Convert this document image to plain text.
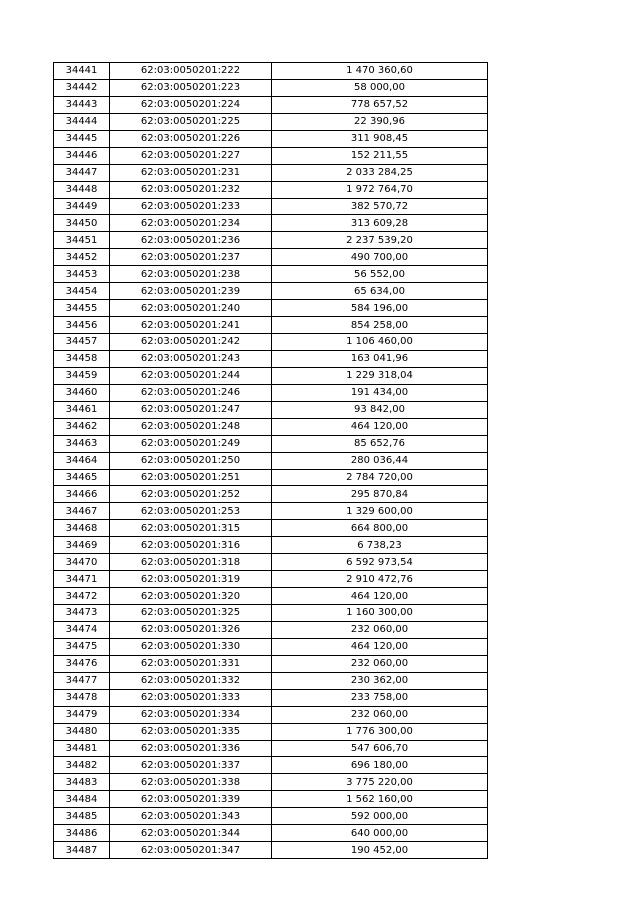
34441	62:03:0050201:222	1 470 360,60
34442	62:03:0050201:223	58 000,00
34443	62:03:0050201:224	778 657,52
34444	62:03:0050201:225	22 390,96
34445	62:03:0050201:226	311 908,45
34446	62:03:0050201:227	152 211,55
34447	62:03:0050201:231	2 033 284,25
34448	62:03:0050201:232	1 972 764,70
34449	62:03:0050201:233	382 570,72
34450	62:03:0050201:234	313 609,28
34451	62:03:0050201:236	2 237 539,20
34452	62:03:0050201:237	490 700,00
34453	62:03:0050201:238	56 552,00
34454	62:03:0050201:239	65 634,00
34455	62:03:0050201:240	584 196,00
34456	62:03:0050201:241	854 258,00
34457	62:03:0050201:242	1 106 460,00
34458	62:03:0050201:243	163 041,96
34459	62:03:0050201:244	1 229 318,04
34460	62:03:0050201:246	191 434,00
34461	62:03:0050201:247	93 842,00
34462	62:03:0050201:248	464 120,00
34463	62:03:0050201:249	85 652,76
34464	62:03:0050201:250	280 036,44
34465	62:03:0050201:251	2 784 720,00
34466	62:03:0050201:252	295 870,84
34467	62:03:0050201:253	1 329 600,00
34468	62:03:0050201:315	664 800,00
34469	62:03:0050201:316	6 738,23
34470	62:03:0050201:318	6 592 973,54
34471	62:03:0050201:319	2 910 472,76
34472	62:03:0050201:320	464 120,00
34473	62:03:0050201:325	1 160 300,00
34474	62:03:0050201:326	232 060,00
34475	62:03:0050201:330	464 120,00
34476	62:03:0050201:331	232 060,00
34477	62:03:0050201:332	230 362,00
34478	62:03:0050201:333	233 758,00
34479	62:03:0050201:334	232 060,00
34480	62:03:0050201:335	1 776 300,00
34481	62:03:0050201:336	547 606,70
34482	62:03:0050201:337	696 180,00
34483	62:03:0050201:338	3 775 220,00
34484	62:03:0050201:339	1 562 160,00
34485	62:03:0050201:343	592 000,00
34486	62:03:0050201:344	640 000,00
34487	62:03:0050201:347	190 452,00
